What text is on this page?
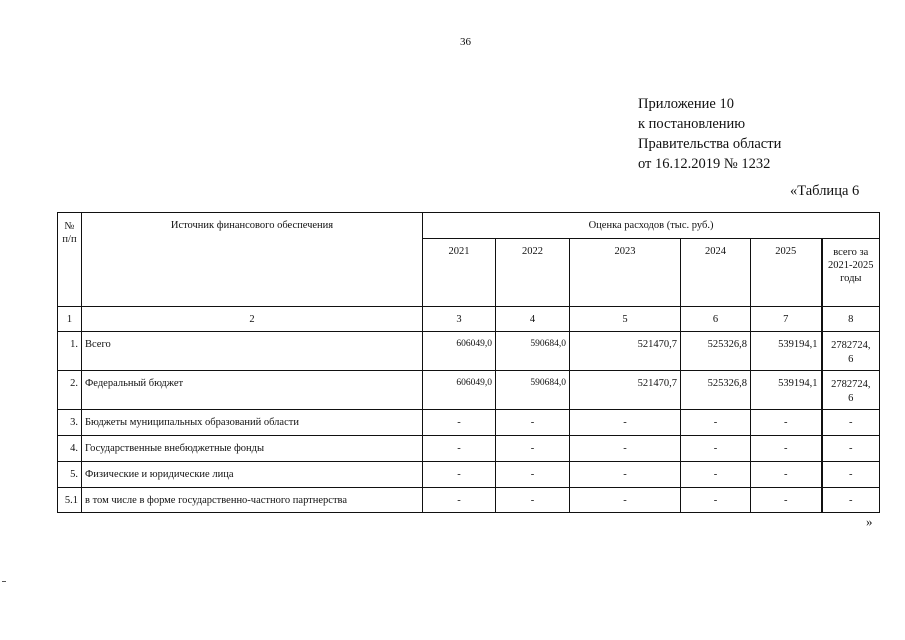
36
Приложение 10
к постановлению
Правительства области
от 16.12.2019 № 1232
«Таблица 6
№ п/п	Источник финансового обеспечения	Оценка расходов (тыс. руб.)					
		2021	2022	2023	2024	2025	всего за 2021-2025 годы
1	2	3	4	5	6	7	8
1.	Всего	606049,0	590684,0	521470,7	525326,8	539194,1	2782724,
6

2.	Федеральный бюджет	606049,0	590684,0	521470,7	525326,8	539194,1	2782724,
6

3.	Бюджеты муниципальных образований области	-	-	-	-	-	-
4.	Государственные внебюджетные фонды	-	-	-	-	-	-
5.	Физические и юридические лица	-	-	-	-	-	-
5.1	в том числе в форме государственно-частного партнерства	-	-	-	-	-	-
»
